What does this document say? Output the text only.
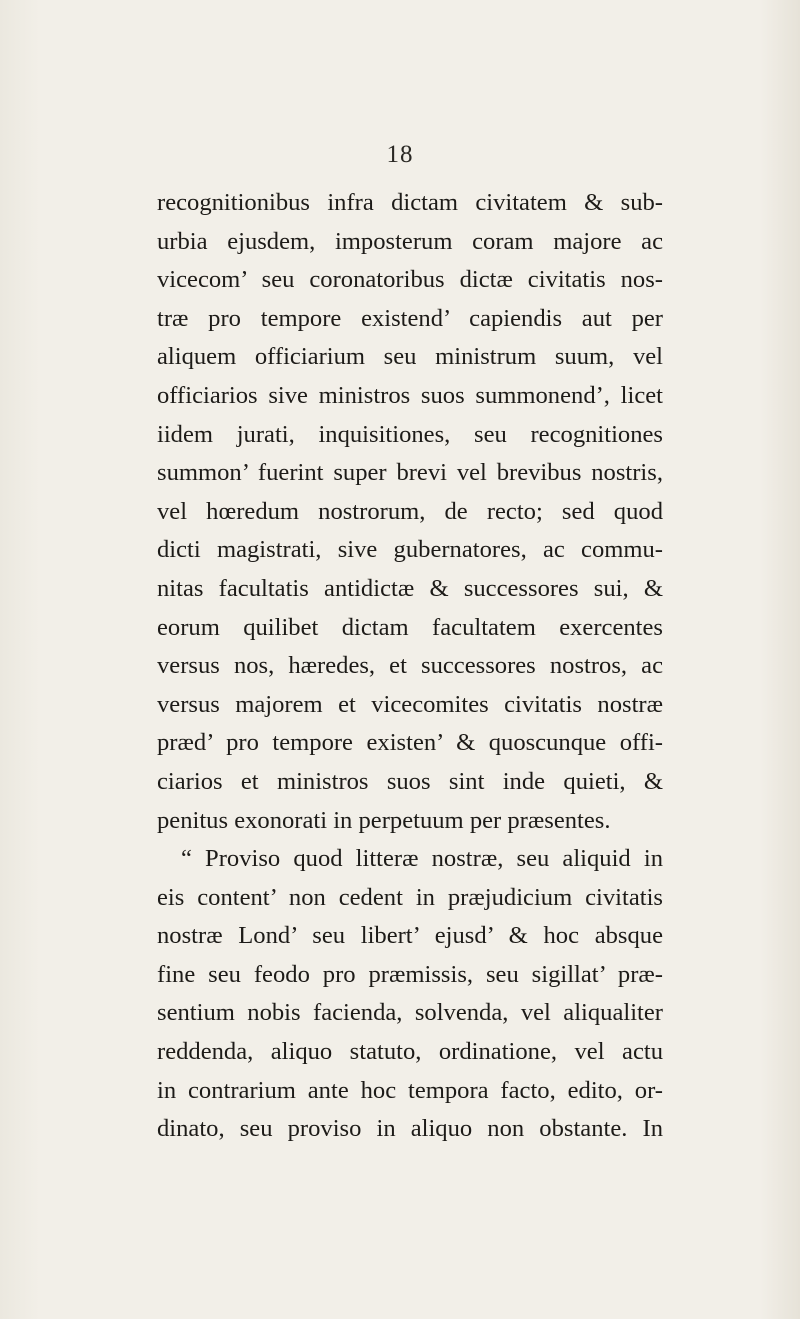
18
recognitionibus infra dictam civitatem & sub-
urbia ejusdem, imposterum coram majore ac
vicecom’ seu coronatoribus dictæ civitatis nos-
træ pro tempore existend’ capiendis aut per
aliquem officiarium seu ministrum suum, vel
officiarios sive ministros suos summonend’, licet
iidem jurati, inquisitiones, seu recognitiones
summon’ fuerint super brevi vel brevibus nostris,
vel hœredum nostrorum, de recto; sed quod
dicti magistrati, sive gubernatores, ac commu-
nitas facultatis antidictæ & successores sui, &
eorum quilibet dictam facultatem exercentes
versus nos, hæredes, et successores nostros, ac
versus majorem et vicecomites civitatis nostræ
præd’ pro tempore existen’ & quoscunque offi-
ciarios et ministros suos sint inde quieti, &
penitus exonorati in perpetuum per præsentes.
“ Proviso quod litteræ nostræ, seu aliquid in
eis content’ non cedent in præjudicium civitatis
nostræ Lond’ seu libert’ ejusd’ & hoc absque
fine seu feodo pro præmissis, seu sigillat’ præ-
sentium nobis facienda, solvenda, vel aliqualiter
reddenda, aliquo statuto, ordinatione, vel actu
in contrarium ante hoc tempora facto, edito, or-
dinato, seu proviso in aliquo non obstante. In
